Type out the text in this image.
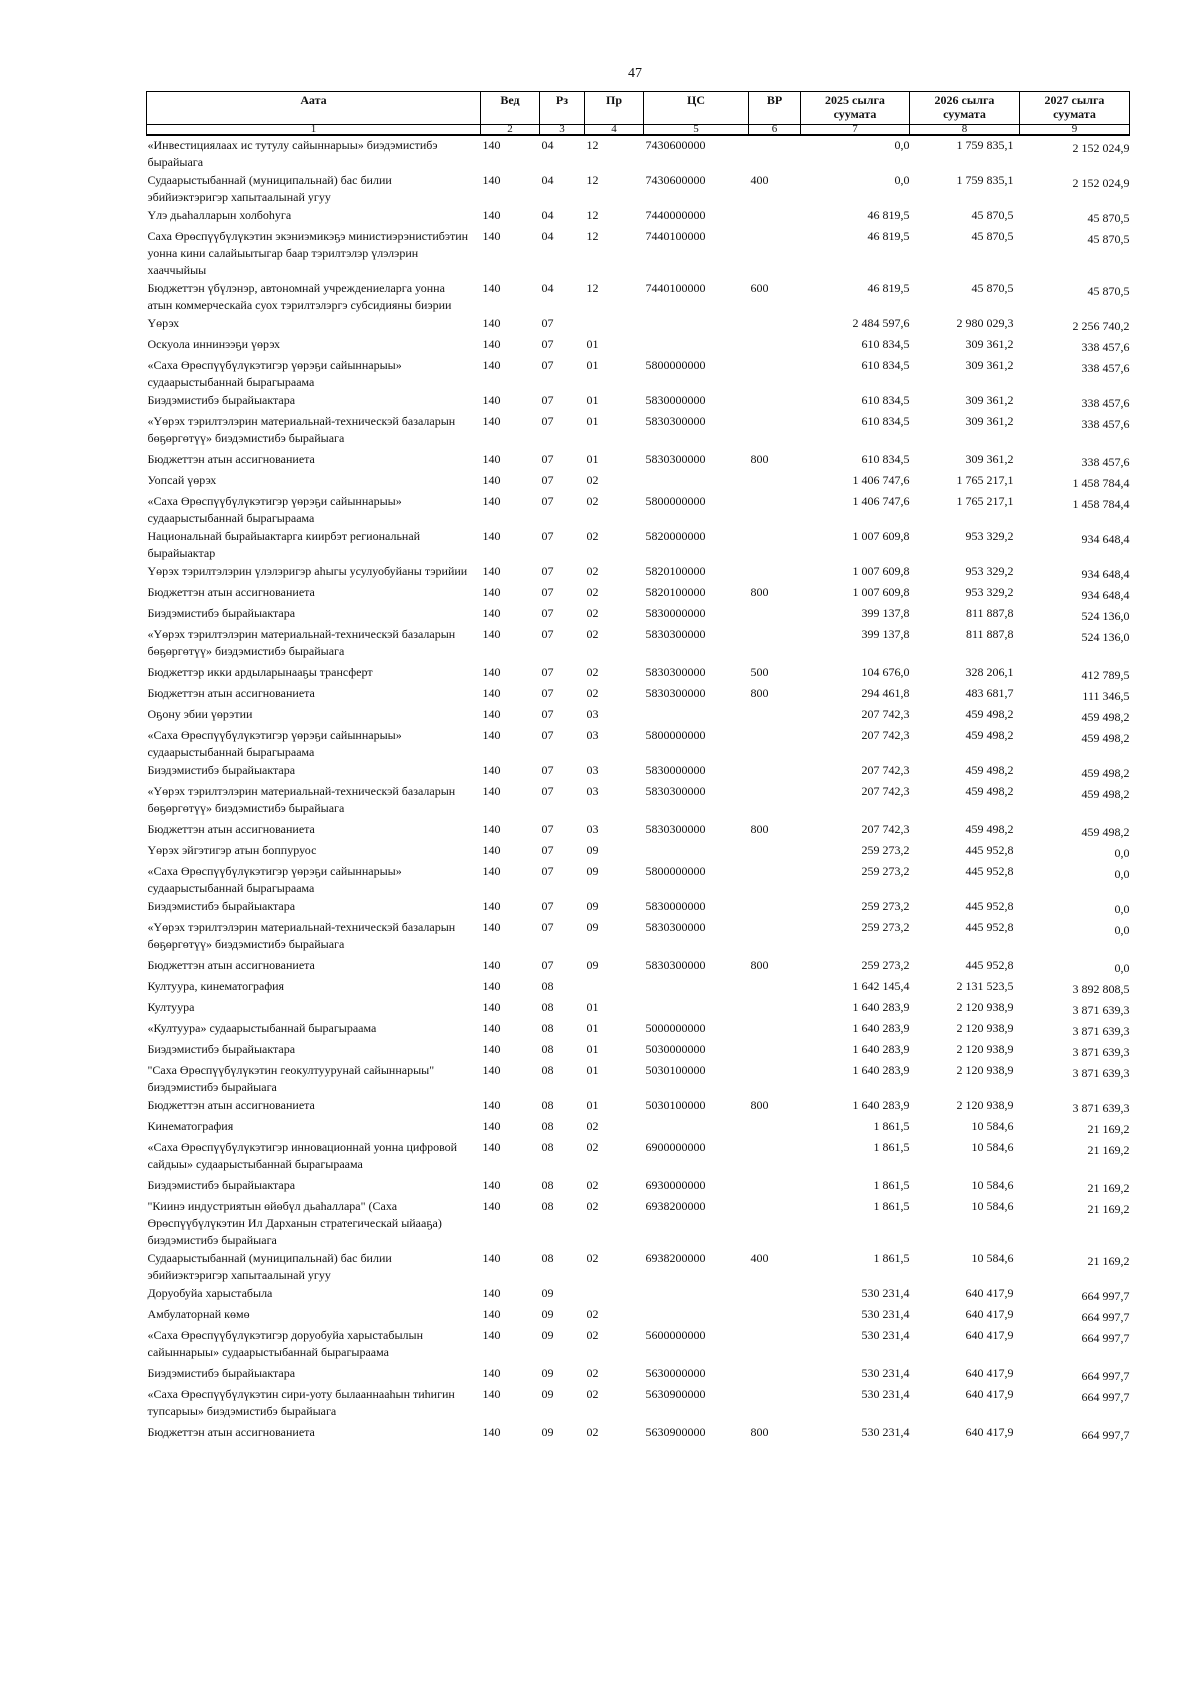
47
Аата	Вед	Рз	Пр	ЦС	ВР	2025 сылга суумата	2026 сылга суумата	2027 сылга суумата
1	2	3	4	5	6	7	8	9
«Инвестициялаах ис тутулу сайыннарыы» биэдэмистибэ бырайыага	140	04	12	7430600000		0,0	1 759 835,1	2 152 024,9
Судаарыстыбаннай (муниципальнай) бас билии эбийиэктэригэр хапытаалынай угуу	140	04	12	7430600000	400	0,0	1 759 835,1	2 152 024,9
Үлэ дьаһалларын холбоһуга	140	04	12	7440000000		46 819,5	45 870,5	45 870,5
Саха Өрөспүүбүлүкэтин экэниэмикэҕэ министиэрэнистибэтин уонна кини салайыытыгар баар тэрилтэлэр үлэлэрин хааччыйыы	140	04	12	7440100000		46 819,5	45 870,5	45 870,5
Бюджеттэн үбүлэнэр, автономнай учреждениеларга уонна атын коммерческайа суох тэрилтэлэргэ субсидияны биэрии	140	04	12	7440100000	600	46 819,5	45 870,5	45 870,5
Үөрэх	140	07				2 484 597,6	2 980 029,3	2 256 740,2
Оскуола иннинээҕи үөрэх	140	07	01			610 834,5	309 361,2	338 457,6
«Саха Өрөспүүбүлүкэтигэр үөрэҕи сайыннарыы» судаарыстыбаннай бырагыраама	140	07	01	5800000000		610 834,5	309 361,2	338 457,6
Биэдэмистибэ бырайыактара	140	07	01	5830000000		610 834,5	309 361,2	338 457,6
«Үөрэх тэрилтэлэрин материальнай-техническэй базаларын бөҕөргөтүү» биэдэмистибэ бырайыага	140	07	01	5830300000		610 834,5	309 361,2	338 457,6
Бюджеттэн атын ассигнованиета	140	07	01	5830300000	800	610 834,5	309 361,2	338 457,6
Уопсай үөрэх	140	07	02			1 406 747,6	1 765 217,1	1 458 784,4
«Саха Өрөспүүбүлүкэтигэр үөрэҕи сайыннарыы» судаарыстыбаннай бырагыраама	140	07	02	5800000000		1 406 747,6	1 765 217,1	1 458 784,4
Национальнай бырайыактарга киирбэт региональнай бырайыактар	140	07	02	5820000000		1 007 609,8	953 329,2	934 648,4
Үөрэх тэрилтэлэрин үлэлэригэр аһыгы усулуобуйаны тэрийии	140	07	02	5820100000		1 007 609,8	953 329,2	934 648,4
Бюджеттэн атын ассигнованиета	140	07	02	5820100000	800	1 007 609,8	953 329,2	934 648,4
Биэдэмистибэ бырайыактара	140	07	02	5830000000		399 137,8	811 887,8	524 136,0
«Үөрэх тэрилтэлэрин материальнай-техническэй базаларын бөҕөргөтүү» биэдэмистибэ бырайыага	140	07	02	5830300000		399 137,8	811 887,8	524 136,0
Бюджеттэр икки ардыларынааҕы трансферт	140	07	02	5830300000	500	104 676,0	328 206,1	412 789,5
Бюджеттэн атын ассигнованиета	140	07	02	5830300000	800	294 461,8	483 681,7	111 346,5
Оҕону эбии үөрэтии	140	07	03			207 742,3	459 498,2	459 498,2
«Саха Өрөспүүбүлүкэтигэр үөрэҕи сайыннарыы» судаарыстыбаннай бырагыраама	140	07	03	5800000000		207 742,3	459 498,2	459 498,2
Биэдэмистибэ бырайыактара	140	07	03	5830000000		207 742,3	459 498,2	459 498,2
«Үөрэх тэрилтэлэрин материальнай-техническэй базаларын бөҕөргөтүү» биэдэмистибэ бырайыага	140	07	03	5830300000		207 742,3	459 498,2	459 498,2
Бюджеттэн атын ассигнованиета	140	07	03	5830300000	800	207 742,3	459 498,2	459 498,2
Үөрэх эйгэтигэр атын боппуруос	140	07	09			259 273,2	445 952,8	0,0
«Саха Өрөспүүбүлүкэтигэр үөрэҕи сайыннарыы» судаарыстыбаннай бырагыраама	140	07	09	5800000000		259 273,2	445 952,8	0,0
Биэдэмистибэ бырайыактара	140	07	09	5830000000		259 273,2	445 952,8	0,0
«Үөрэх тэрилтэлэрин материальнай-техническэй базаларын бөҕөргөтүү» биэдэмистибэ бырайыага	140	07	09	5830300000		259 273,2	445 952,8	0,0
Бюджеттэн атын ассигнованиета	140	07	09	5830300000	800	259 273,2	445 952,8	0,0
Култуура, кинематография	140	08				1 642 145,4	2 131 523,5	3 892 808,5
Култуура	140	08	01			1 640 283,9	2 120 938,9	3 871 639,3
«Култуура» судаарыстыбаннай бырагыраама	140	08	01	5000000000		1 640 283,9	2 120 938,9	3 871 639,3
Биэдэмистибэ бырайыактара	140	08	01	5030000000		1 640 283,9	2 120 938,9	3 871 639,3
"Саха Өрөспүүбүлүкэтин геокултуурунай сайыннарыы" биэдэмистибэ бырайыага	140	08	01	5030100000		1 640 283,9	2 120 938,9	3 871 639,3
Бюджеттэн атын ассигнованиета	140	08	01	5030100000	800	1 640 283,9	2 120 938,9	3 871 639,3
Кинематография	140	08	02			1 861,5	10 584,6	21 169,2
«Саха Өрөспүүбүлүкэтигэр инновационнай уонна цифровой сайдыы» судаарыстыбаннай бырагыраама	140	08	02	6900000000		1 861,5	10 584,6	21 169,2
Биэдэмистибэ бырайыактара	140	08	02	6930000000		1 861,5	10 584,6	21 169,2
"Киинэ индустриятын өйөбүл дьаһаллара" (Саха Өрөспүүбүлүкэтин Ил Дарханын стратегическай ыйааҕа) биэдэмистибэ бырайыага	140	08	02	6938200000		1 861,5	10 584,6	21 169,2
Судаарыстыбаннай (муниципальнай) бас билии эбийиэктэригэр хапытаалынай угуу	140	08	02	6938200000	400	1 861,5	10 584,6	21 169,2
Доруобуйа харыстабыла	140	09				530 231,4	640 417,9	664 997,7
Амбулаторнай көмө	140	09	02			530 231,4	640 417,9	664 997,7
«Саха Өрөспүүбүлүкэтигэр доруобуйа харыстабылын сайыннарыы» судаарыстыбаннай бырагыраама	140	09	02	5600000000		530 231,4	640 417,9	664 997,7
Биэдэмистибэ бырайыактара	140	09	02	5630000000		530 231,4	640 417,9	664 997,7
«Саха Өрөспүүбүлүкэтин сири-уоту былааннааһын тиһигин тупсарыы» биэдэмистибэ бырайыага	140	09	02	5630900000		530 231,4	640 417,9	664 997,7
Бюджеттэн атын ассигнованиета	140	09	02	5630900000	800	530 231,4	640 417,9	664 997,7
